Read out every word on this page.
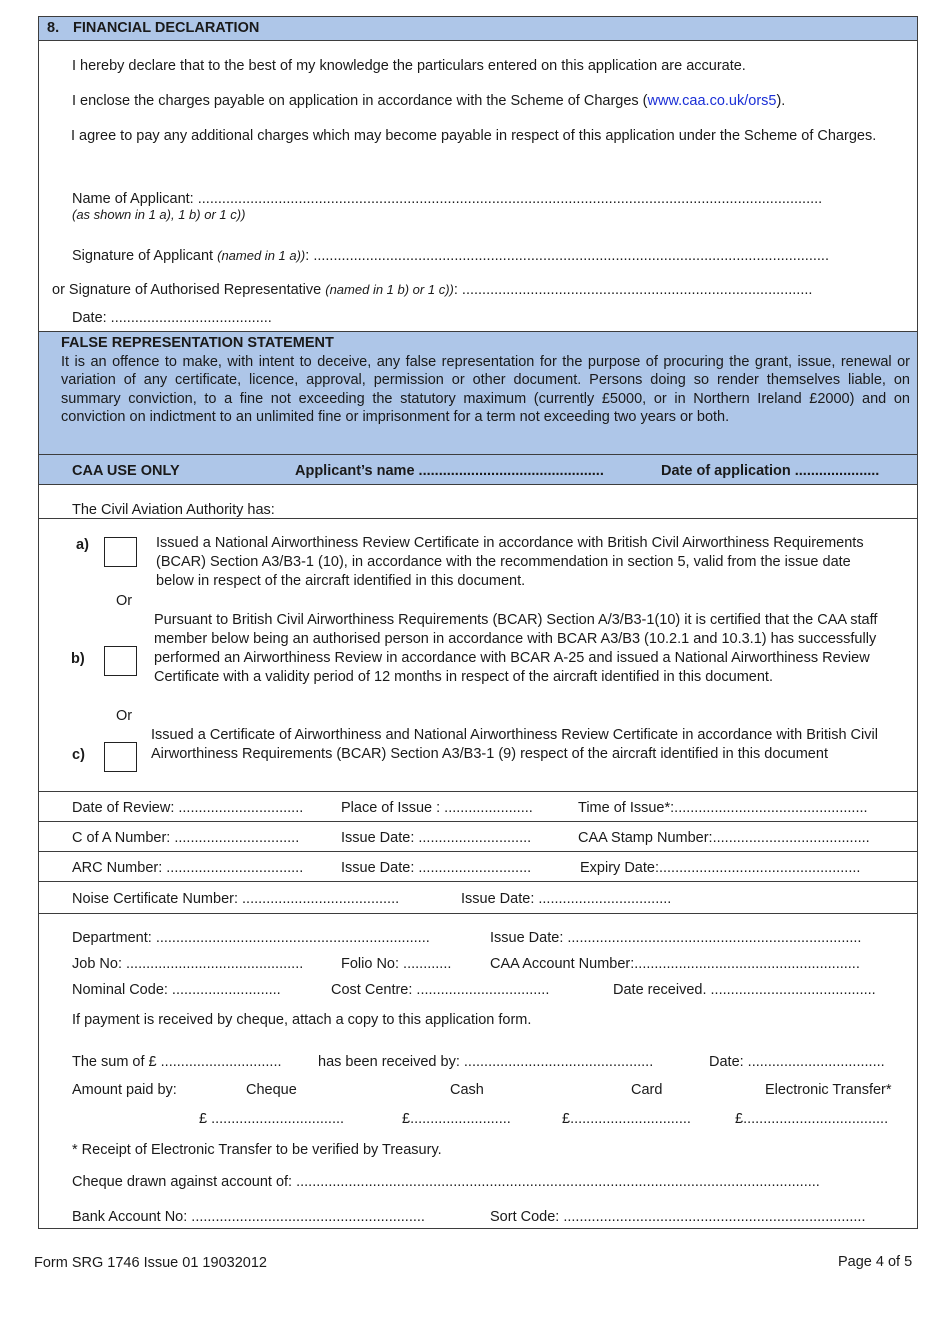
8. FINANCIAL DECLARATION
I hereby declare that to the best of my knowledge the particulars entered on this application are accurate.
I enclose the charges payable on application in accordance with the Scheme of Charges (www.caa.co.uk/ors5).
I agree to pay any additional charges which may become payable in respect of this application under the Scheme of Charges.
Name of Applicant: ...........................................................................................................................................................
(as shown in 1 a), 1 b) or 1 c))
Signature of Applicant (named in 1 a)): ................................................................................................................................
or Signature of Authorised Representative (named in 1 b) or 1 c)): .......................................................................................
Date: ........................................
FALSE REPRESENTATION STATEMENT
It is an offence to make, with intent to deceive, any false representation for the purpose of procuring the grant, issue, renewal or variation of any certificate, licence, approval, permission or other document. Persons doing so render themselves liable, on summary conviction, to a fine not exceeding the statutory maximum (currently £5000, or in Northern Ireland £2000) and on conviction on indictment to an unlimited fine or imprisonment for a term not exceeding two years or both.
CAA USE ONLY	Applicant’s name ..............................................	Date of application .....................
The Civil Aviation Authority has:
a)	Issued a National Airworthiness Review Certificate in accordance with British Civil Airworthiness Requirements (BCAR) Section A3/B3-1 (10), in accordance with the recommendation in section 5, valid from the issue date below in respect of the aircraft identified in this document.
Or
Pursuant to British Civil Airworthiness Requirements (BCAR) Section A/3/B3-1(10) it is certified that the CAA staff member below being an authorised person in accordance with BCAR A3/B3 (10.2.1 and 10.3.1) has successfully performed an Airworthiness Review in accordance with BCAR A-25 and issued a National Airworthiness Review Certificate with a validity period of 12 months in respect of the aircraft identified in this document.
b)
Or
Issued a Certificate of Airworthiness and National Airworthiness Review Certificate in accordance with British Civil Airworthiness Requirements (BCAR) Section A3/B3-1 (9) respect of the aircraft identified in this document
c)
Date of Review: ...............................	Place of Issue : ......................	Time of Issue*:................................................
C of A Number: ...............................	Issue Date: ............................	CAA Stamp Number:.......................................
ARC Number: ..................................	Issue Date: ............................	Expiry Date:..................................................
Noise Certificate Number: .......................................	Issue Date: .................................
Department: ....................................................................	Issue Date: .........................................................................
Job No: ............................................	Folio No: ............	CAA Account Number:........................................................
Nominal Code: ...........................	Cost Centre: .................................	Date received. .........................................
If payment is received by cheque, attach a copy to this application form.
The sum of £ ..............................	has been received by: ...............................................	Date: ..................................
Amount paid by:	Cheque	Cash	Card	Electronic Transfer*
£ .................................	£.........................	£..............................	£....................................
* Receipt of Electronic Transfer to be verified by Treasury.
Cheque drawn against account of: ..................................................................................................................................
Bank Account No: ..........................................................	Sort Code: ...........................................................................
Form SRG 1746 Issue 01 19032012	Page 4 of 5
